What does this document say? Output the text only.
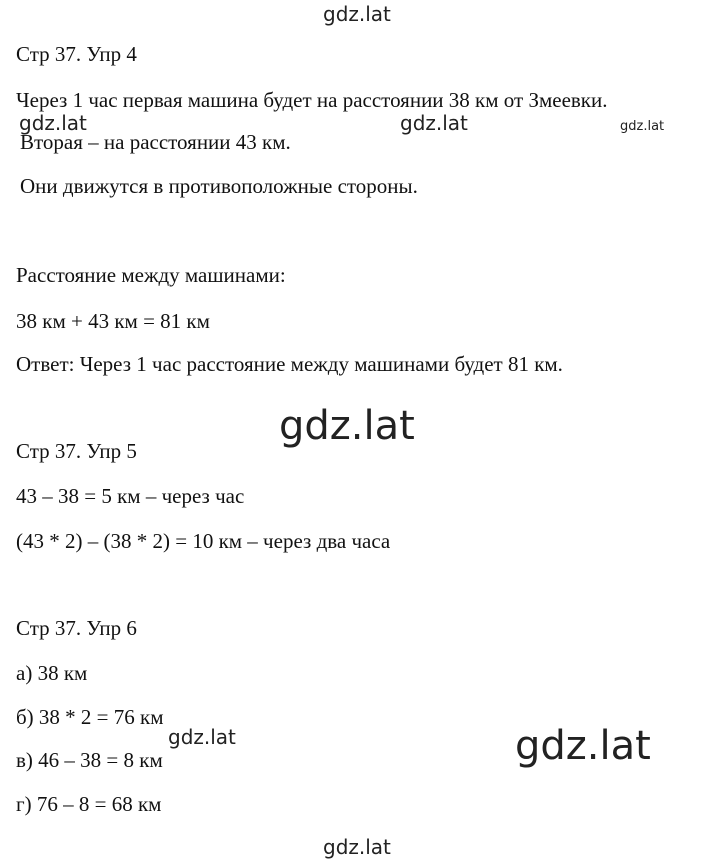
gdz.lat
gdz.lat	gdz.lat	gdz.lat
gdz.lat
gdz.lat	gdz.lat
gdz.lat
Стр 37. Упр 4
Через 1 час первая машина будет на расстоянии 38 км от Змеевки.
Вторая – на расстоянии 43 км.
Они движутся в противоположные стороны.
Расстояние между машинами:
38 км + 43 км = 81 км
Ответ: Через 1 час расстояние между машинами будет 81 км.
Стр 37. Упр 5
43 – 38 = 5 км – через час
(43 * 2) – (38 * 2) = 10 км – через два часа
Стр 37. Упр 6
а) 38 км
б) 38 * 2 = 76 км
в) 46 – 38 = 8 км
г) 76 – 8 = 68 км
